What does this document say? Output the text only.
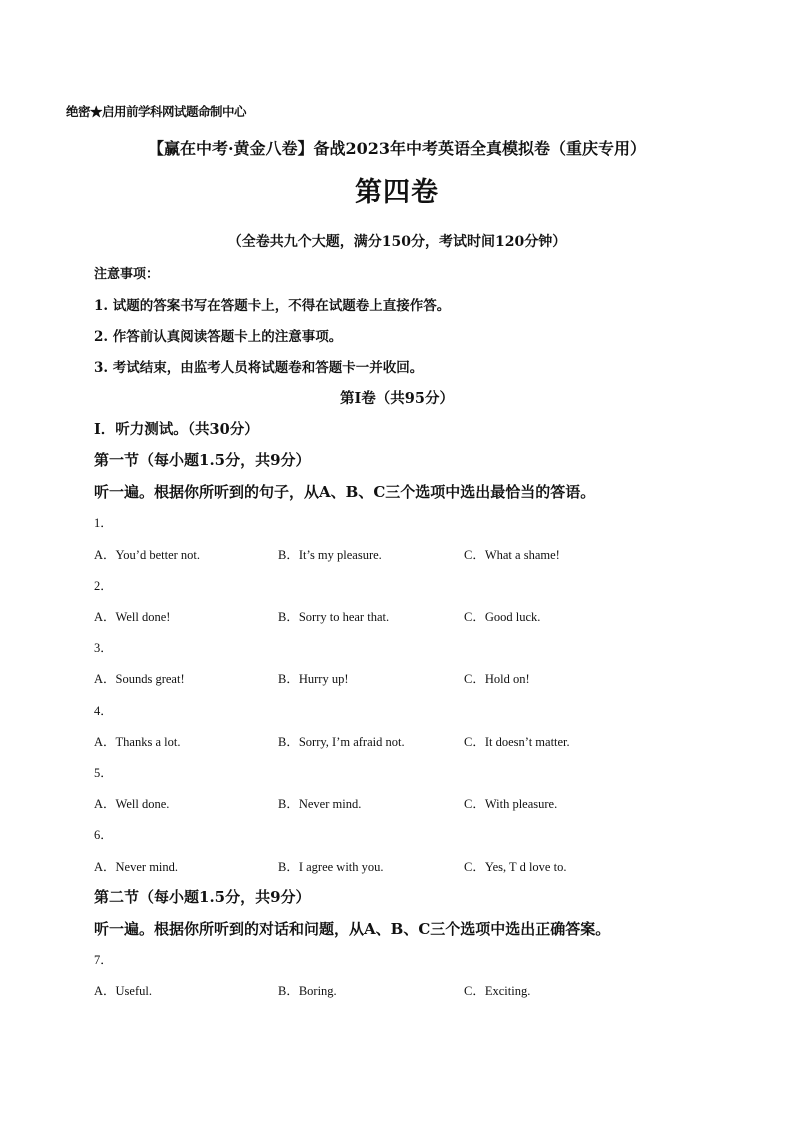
绝密★启用前学科网试题命制中心
【赢在中考·黄金八卷】备战2023年中考英语全真模拟卷（重庆专用）
第四卷
（全卷共九个大题，满分150分，考试时间120分钟）
注意事项：
1. 试题的答案书写在答题卡上，不得在试题卷上直接作答。
2. 作答前认真阅读答题卡上的注意事项。
3. 考试结束，由监考人员将试题卷和答题卡一并收回。
第I卷（共95分）
I．听力测试。（共30分）
第一节（每小题1.5分，共9分）
听一遍。根据你所听到的句子，从A、B、C三个选项中选出最恰当的答语。
1．
A．You’d better not.	B．It’s my pleasure.	C．What a shame!
2．
A．Well done!	B．Sorry to hear that.	C．Good luck.
3．
A．Sounds great!	B．Hurry up!	C．Hold on!
4．
A．Thanks a lot.	B．Sorry, I’m afraid not.	C．It doesn’t matter.
5．
A．Well done.	B．Never mind.	C．With pleasure.
6．
A．Never mind.	B．I agree with you.	C．Yes, T d love to.
第二节（每小题1.5分，共9分）
听一遍。根据你所听到的对话和问题，从A、B、C三个选项中选出正确答案。
7．
A．Useful.	B．Boring.	C．Exciting.
